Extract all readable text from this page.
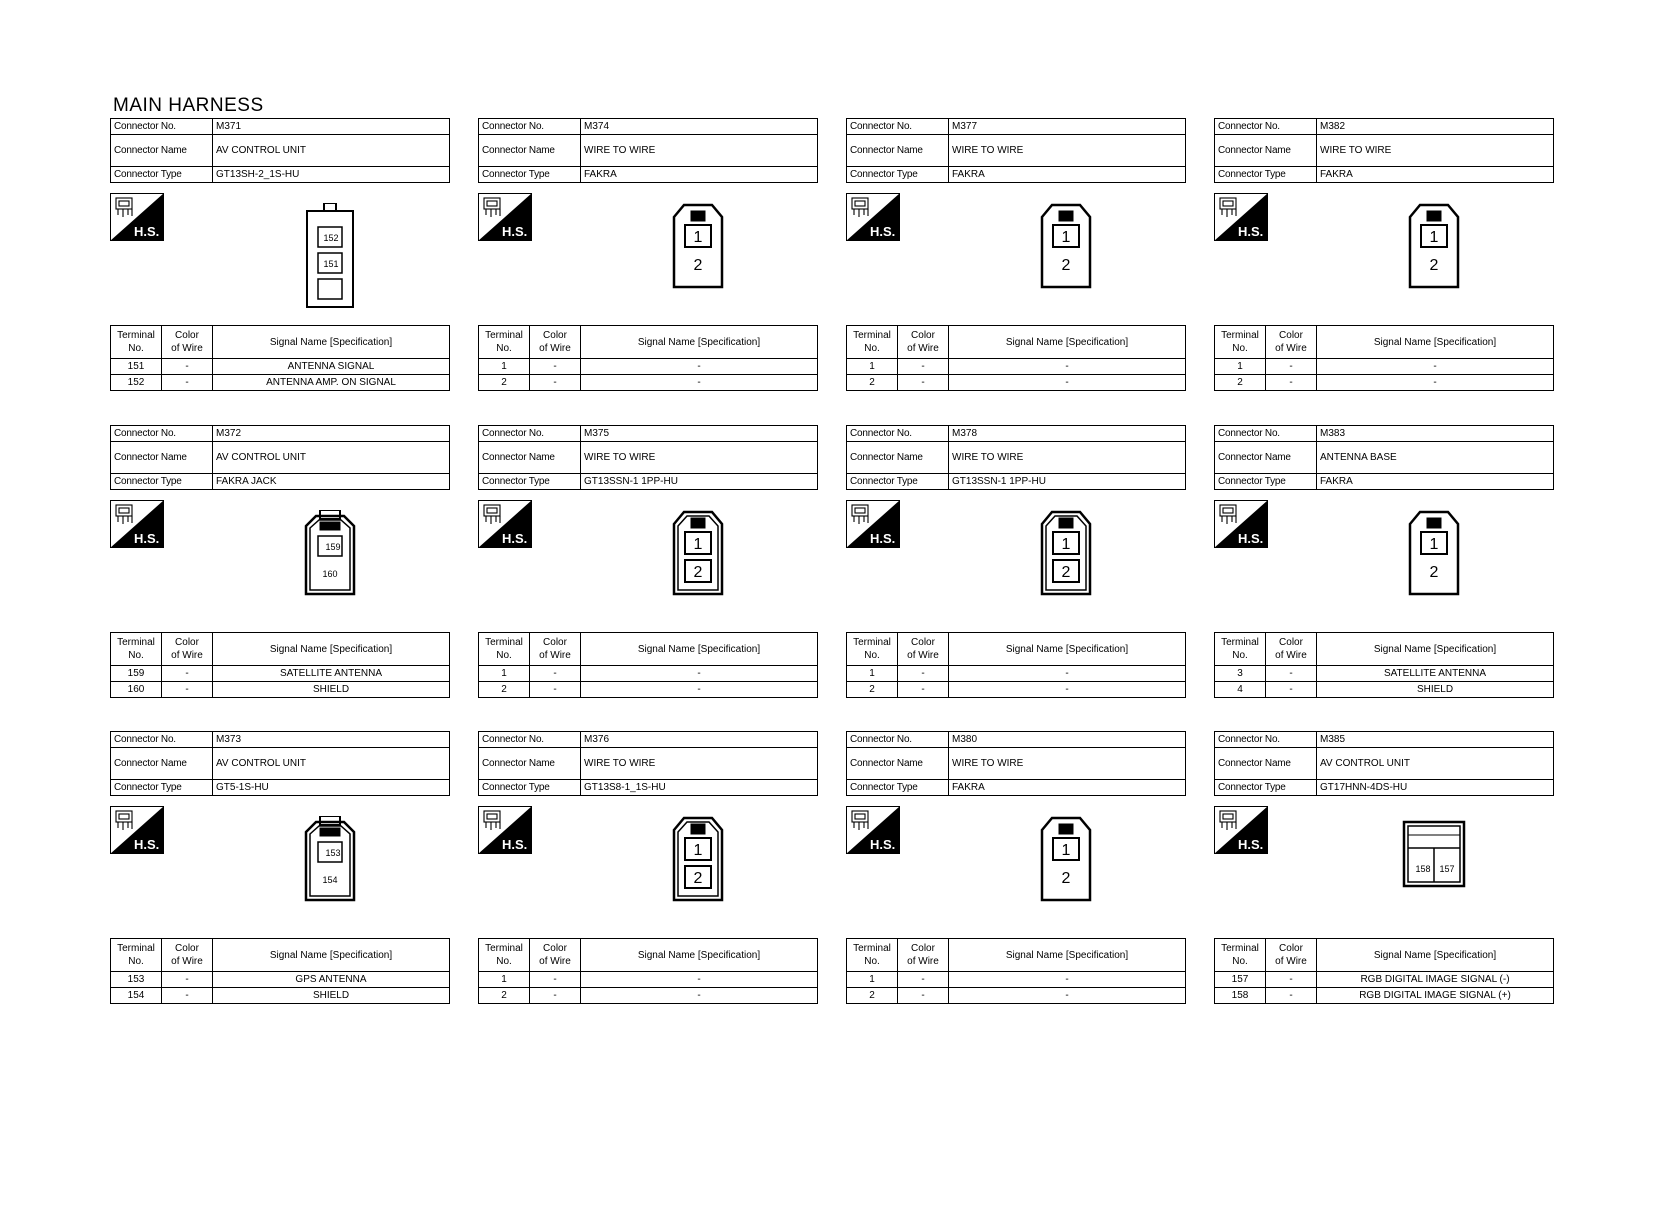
MAIN HARNESS
Connector No.	M371
Connector Name	AV CONTROL UNIT
Connector Type	GT13SH-2_1S-HU
H.S.	152
151
Terminal
No.	Color
of Wire	Signal Name [Specification]
151	-	ANTENNA SIGNAL
152	-	ANTENNA AMP. ON SIGNAL
Connector No.	M374
Connector Name	WIRE TO WIRE
Connector Type	FAKRA
H.S.	1
2
Terminal
No.	Color
of Wire	Signal Name [Specification]
1	-	-
2	-	-
Connector No.	M377
Connector Name	WIRE TO WIRE
Connector Type	FAKRA
H.S.	1
2
Terminal
No.	Color
of Wire	Signal Name [Specification]
1	-	-
2	-	-
Connector No.	M382
Connector Name	WIRE TO WIRE
Connector Type	FAKRA
H.S.	1
2
Terminal
No.	Color
of Wire	Signal Name [Specification]
1	-	-
2	-	-
Connector No.	M372
Connector Name	AV CONTROL UNIT
Connector Type	FAKRA JACK
H.S.
159
160
Terminal
No.	Color
of Wire	Signal Name [Specification]
159	-	SATELLITE ANTENNA
160	-	SHIELD
Connector No.	M375
Connector Name	WIRE TO WIRE
Connector Type	GT13SSN-1 1PP-HU
H.S.	1
2
Terminal
No.	Color
of Wire	Signal Name [Specification]
1	-	-
2	-	-
Connector No.	M378
Connector Name	WIRE TO WIRE
Connector Type	GT13SSN-1 1PP-HU
H.S.	1
2
Terminal
No.	Color
of Wire	Signal Name [Specification]
1	-	-
2	-	-
Connector No.	M383
Connector Name	ANTENNA BASE
Connector Type	FAKRA
H.S.	1
2
Terminal
No.	Color
of Wire	Signal Name [Specification]
3	-	SATELLITE ANTENNA
4	-	SHIELD
Connector No.	M373
Connector Name	AV CONTROL UNIT
Connector Type	GT5-1S-HU
H.S.
153
154
Terminal
No.	Color
of Wire	Signal Name [Specification]
153	-	GPS ANTENNA
154	-	SHIELD
Connector No.	M376
Connector Name	WIRE TO WIRE
Connector Type	GT13S8-1_1S-HU
H.S.	1
2
Terminal
No.	Color
of Wire	Signal Name [Specification]
1	-	-
2	-	-
Connector No.	M380
Connector Name	WIRE TO WIRE
Connector Type	FAKRA
H.S.	1
2
Terminal
No.	Color
of Wire	Signal Name [Specification]
1	-	-
2	-	-
Connector No.	M385
Connector Name	AV CONTROL UNIT
Connector Type	GT17HNN-4DS-HU
H.S.
158 157
Terminal
No.	Color
of Wire	Signal Name [Specification]
157	-	RGB DIGITAL IMAGE SIGNAL (-)
158	-	RGB DIGITAL IMAGE SIGNAL (+)
